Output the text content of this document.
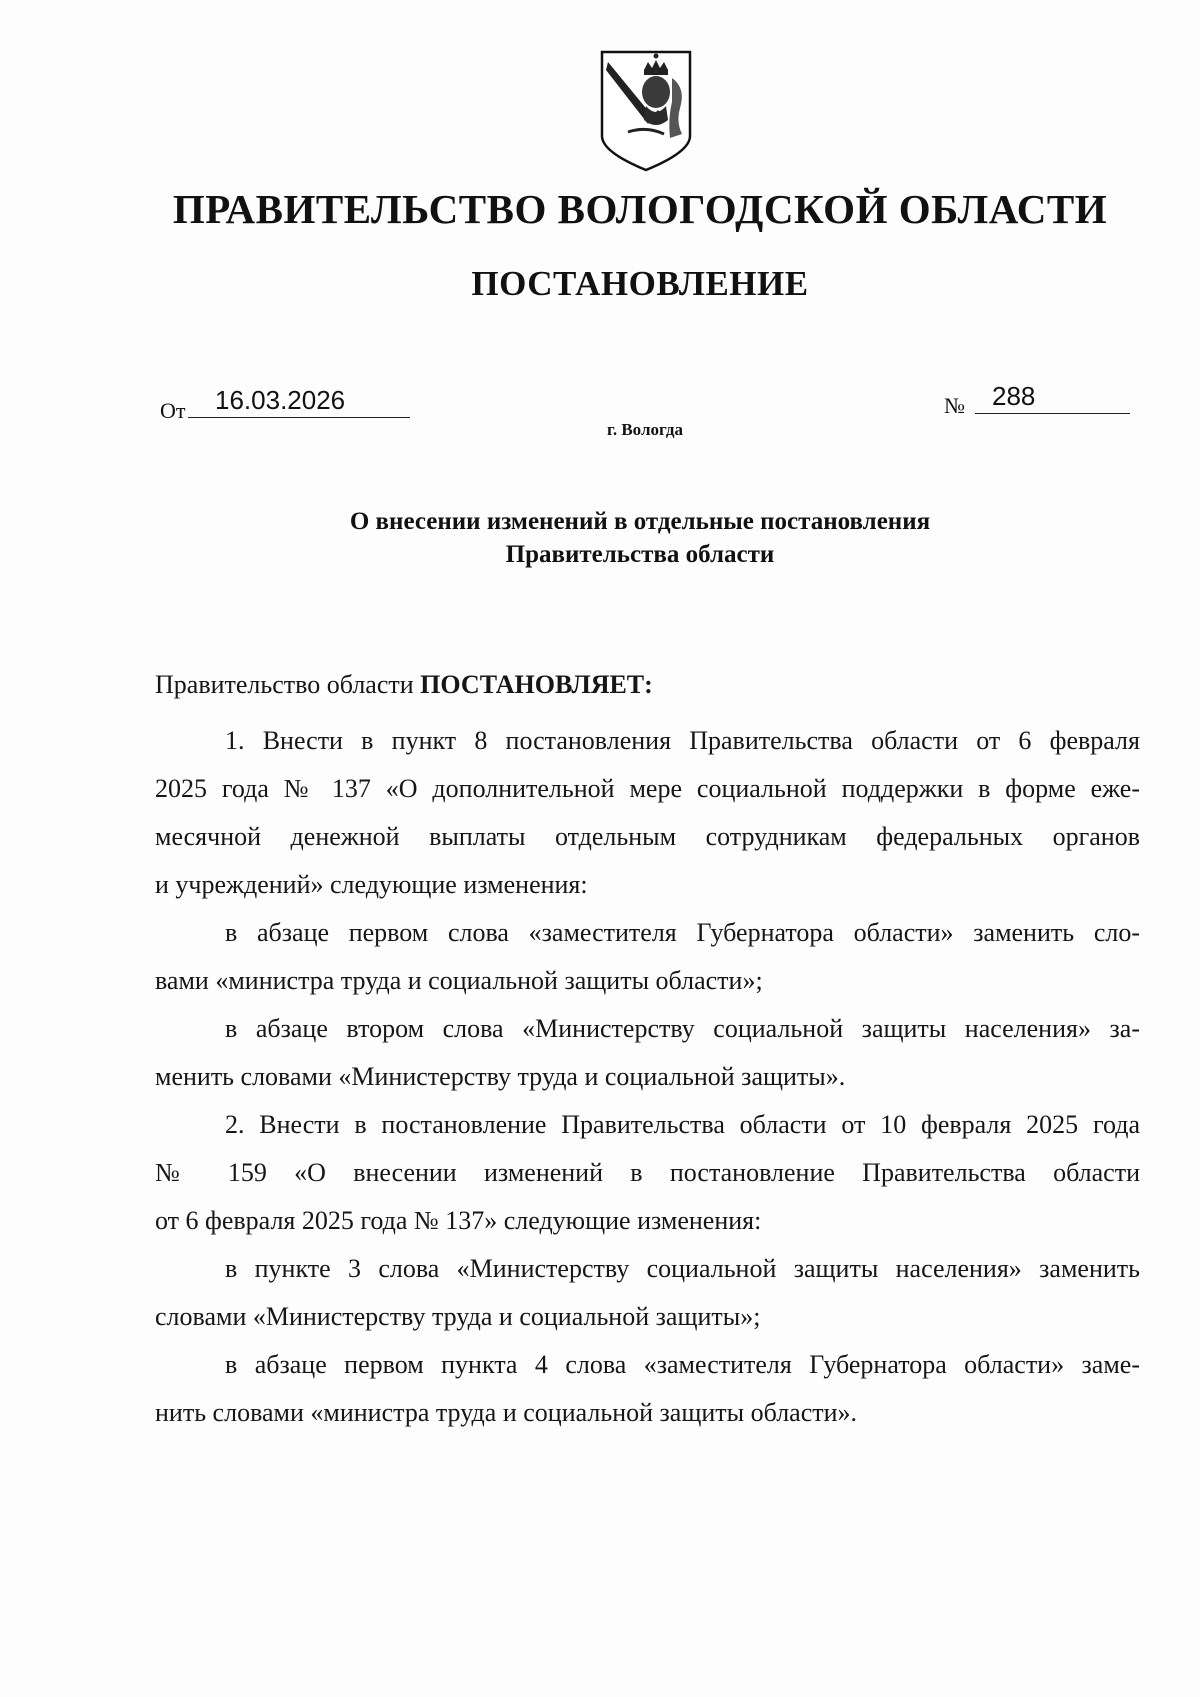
ПРАВИТЕЛЬСТВО ВОЛОГОДСКОЙ ОБЛАСТИ
ПОСТАНОВЛЕНИЕ
От 16.03.2026	№ 288
г. Вологда
О внесении изменений в отдельные постановления
Правительства области

Правительство области ПОСТАНОВЛЯЕТ:

1. Внести в пункт 8 постановления Правительства области от 6 февраля
2025 года № 137 «О дополнительной мере социальной поддержки в форме еже-
месячной денежной выплаты отдельным сотрудникам федеральных органов
и учреждений» следующие изменения:

в абзаце первом слова «заместителя Губернатора области» заменить сло-
вами «министра труда и социальной защиты области»;

в абзаце втором слова «Министерству социальной защиты населения» за-
менить словами «Министерству труда и социальной защиты».

2. Внести в постановление Правительства области от 10 февраля 2025 года
№ 159 «О внесении изменений в постановление Правительства области
от 6 февраля 2025 года № 137» следующие изменения:

в пункте 3 слова «Министерству социальной защиты населения» заменить
словами «Министерству труда и социальной защиты»;

в абзаце первом пункта 4 слова «заместителя Губернатора области» заме-
нить словами «министра труда и социальной защиты области».
